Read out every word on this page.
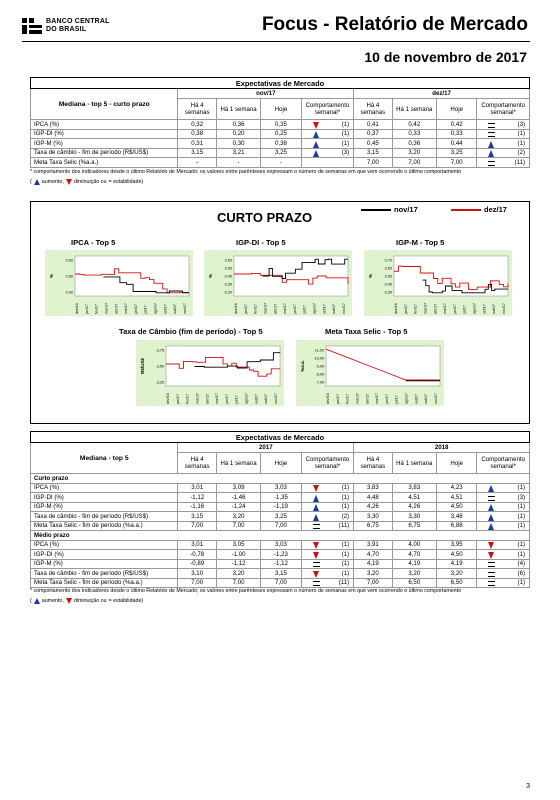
BANCO CENTRAL
DO BRASIL	Focus - Relatório de Mercado
10 de novembro de 2017
Expectativas de Mercado								
Mediana - top 5 - curto prazo	nov/17				dez/17			
	Há 4 semanas	Há 1 semana	Hoje	Comportamento semanal*	Há 4 semanas	Há 1 semana	Hoje	Comportamento semanal*
IPCA (%)	0,32	0,36	0,35	(1)	0,41	0,42	0,42	(3)

IGP-DI (%)	0,38	0,20	0,25	(1)	0,37	0,33	0,33	(1)

IGP-M (%)	0,31	0,30	0,38	(1)	0,45	0,36	0,44	(1)

Taxa de câmbio - fim de período (R$/US$)	3,15	3,21	3,25	(3)	3,15	3,20	3,25	(2)

Meta Taxa Selic (%a.a.)	-	-	-		7,00	7,00	7,00	(11)
* comportamento dos indicadores desde o último Relatório de Mercado; os valores entre parênteses expressam o número de semanas em que vem ocorrendo o último comportamento
( aumento, diminuição ou = estabilidade)
CURTO PRAZO
nov/17	dez/17
IPCA - Top 5
0,60
0,50
0,40
%
dez/16 jan/17 fev/17 mar/17 abr/17 mai/17 jun/17 jul/17 ago/17 set/17 out/17 nov/17
IGP-DI - Top 5
0,60
0,50
0,40
0,30
0,20
%
dez/16 jan/17 fev/17 mar/17 abr/17 mai/17 jun/17 jul/17 ago/17 set/17 out/17 nov/17
IGP-M - Top 5
0,70
0,60
0,50
0,40
0,30
%
dez/16 jan/17 fev/17 mar/17 abr/17 mai/17 jun/17 jul/17 ago/17 set/17 out/17 nov/17
Taxa de Câmbio (fim de período) - Top 5
3,75
3,50
3,25
R$/US$
dez/16 jan/17 fev/17 mar/17 abr/17 mai/17 jun/17 jul/17 ago/17 set/17 out/17 nov/17
Meta Taxa Selic - Top 5
11,00
10,00
9,00
8,00
7,00
%a.a.
dez/16 jan/17 fev/17 mar/17 abr/17 mai/17 jun/17 jul/17 ago/17 set/17 out/17 nov/17
Expectativas de Mercado								
Mediana - top 5	2017				2018			
	Há 4 semanas	Há 1 semana	Hoje	Comportamento semanal*	Há 4 semanas	Há 1 semana	Hoje	Comportamento semanal*
Curto prazo								
IPCA (%)	3,01	3,09	3,03	(1)	3,83	3,83	4,23	(1)

IGP-DI (%)	-1,12	-1,46	-1,35	(1)	4,48	4,51	4,51	(3)

IGP-M (%)	-1,16	-1,24	-1,19	(1)	4,26	4,26	4,50	(1)

Taxa de câmbio - fim de período (R$/US$)	3,15	3,20	3,25	(2)	3,30	3,30	3,48	(1)

Meta Taxa Selic - fim de período (%a.a.)	7,00	7,00	7,00	(11)	6,75	6,75	6,88	(1)

Médio prazo								
IPCA (%)	3,01	3,05	3,03	(1)	3,91	4,00	3,95	(1)

IGP-DI (%)	-0,78	-1,00	-1,23	(1)	4,70	4,70	4,50	(1)

IGP-M (%)	-0,89	-1,12	-1,12	(1)	4,19	4,19	4,19	(4)

Taxa de câmbio - fim de período (R$/US$)	3,10	3,20	3,15	(1)	3,20	3,20	3,20	(6)

Meta Taxa Selic - fim de período (%a.a.)	7,00	7,00	7,00	(11)	7,00	6,50	6,50	(1)
* comportamento dos indicadores desde o último Relatório de Mercado; os valores entre parênteses expressam o número de semanas em que vem ocorrendo o último comportamento
( aumento, diminuição ou = estabilidade)
3
